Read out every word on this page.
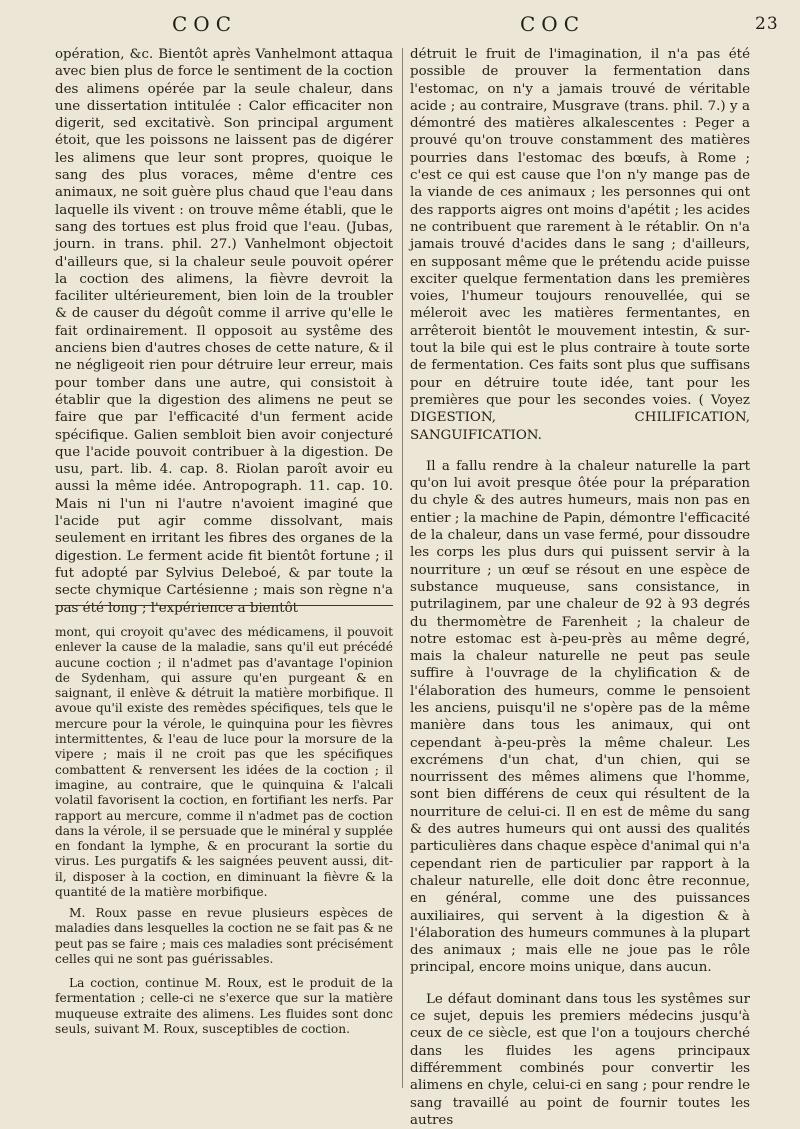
COC	COC	23

opération, &c. Bientôt après Vanhelmont attaqua avec bien plus de force le sentiment de la coction des alimens opérée par la seule chaleur, dans une dissertation intitulée : Calor efficaciter non digerit, sed excitativè. Son principal argument étoit, que les poissons ne laissent pas de digérer les alimens que leur sont propres, quoique le sang des plus voraces, même d'entre ces animaux, ne soit guère plus chaud que l'eau dans laquelle ils vivent : on trouve même établi, que le sang des tortues est plus froid que l'eau. (Jubas, journ. in trans. phil. 27.) Vanhelmont objectoit d'ailleurs que, si la chaleur seule pouvoit opérer la coction des alimens, la fièvre devroit la faciliter ultérieurement, bien loin de la troubler & de causer du dégoût comme il arrive qu'elle le fait ordinairement. Il opposoit au systême des anciens bien d'autres choses de cette nature, & il ne négligeoit rien pour détruire leur erreur, mais pour tomber dans une autre, qui consistoit à établir que la digestion des alimens ne peut se faire que par l'efficacité d'un ferment acide spécifique. Galien sembloit bien avoir conjecturé que l'acide pouvoit contribuer à la digestion. De usu, part. lib. 4. cap. 8. Riolan paroît avoir eu aussi la même idée. Antropograph. 11. cap. 10. Mais ni l'un ni l'autre n'avoient imaginé que l'acide put agir comme dissolvant, mais seulement en irritant les fibres des organes de la digestion. Le ferment acide fit bientôt fortune ; il fut adopté par Sylvius Deleboé, & par toute la secte chymique Cartésienne ; mais son règne n'a pas été long ; l'expérience a bientôt

mont, qui croyoit qu'avec des médicamens, il pouvoit enlever la cause de la maladie, sans qu'il eut précédé aucune coction ; il n'admet pas d'avantage l'opinion de Sydenham, qui assure qu'en purgeant & en saignant, il enlève & détruit la matière morbifique. Il avoue qu'il existe des remèdes spécifiques, tels que le mercure pour la vérole, le quinquina pour les fièvres intermittentes, & l'eau de luce pour la morsure de la vipere ; mais il ne croit pas que les spécifiques combattent & renversent les idées de la coction ; il imagine, au contraire, que le quinquina & l'alcali volatil favorisent la coction, en fortifiant les nerfs. Par rapport au mercure, comme il n'admet pas de coction dans la vérole, il se persuade que le minéral y supplée en fondant la lymphe, & en procurant la sortie du virus. Les purgatifs & les saignées peuvent aussi, dit-il, disposer à la coction, en diminuant la fièvre & la quantité de la matière morbifique.

M. Roux passe en revue plusieurs espèces de maladies dans lesquelles la coction ne se fait pas & ne peut pas se faire ; mais ces maladies sont précisément celles qui ne sont pas guérissables.

La coction, continue M. Roux, est le produit de la fermentation ; celle-ci ne s'exerce que sur la matière muqueuse extraite des alimens. Les fluides sont donc seuls, suivant M. Roux, susceptibles de coction.

détruit le fruit de l'imagination, il n'a pas été possible de prouver la fermentation dans l'estomac, on n'y a jamais trouvé de véritable acide ; au contraire, Musgrave (trans. phil. 7.) y a démontré des matières alkalescentes : Peger a prouvé qu'on trouve constamment des matières pourries dans l'estomac des bœufs, à Rome ; c'est ce qui est cause que l'on n'y mange pas de la viande de ces animaux ; les personnes qui ont des rapports aigres ont moins d'apétit ; les acides ne contribuent que rarement à le rétablir. On n'a jamais trouvé d'acides dans le sang ; d'ailleurs, en supposant même que le prétendu acide puisse exciter quelque fermentation dans les premières voies, l'humeur toujours renouvellée, qui se méleroit avec les matières fermentantes, en arrêteroit bientôt le mouvement intestin, & sur-tout la bile qui est le plus contraire à toute sorte de fermentation. Ces faits sont plus que suffisans pour en détruire toute idée, tant pour les premières que pour les secondes voies. ( Voyez DIGESTION, CHILIFICATION, SANGUIFICATION.

Il a fallu rendre à la chaleur naturelle la part qu'on lui avoit presque ôtée pour la préparation du chyle & des autres humeurs, mais non pas en entier ; la machine de Papin, démontre l'efficacité de la chaleur, dans un vase fermé, pour dissoudre les corps les plus durs qui puissent servir à la nourriture ; un œuf se résout en une espèce de substance muqueuse, sans consistance, in putrilaginem, par une chaleur de 92 à 93 degrés du thermomètre de Farenheit ; la chaleur de notre estomac est à-peu-près au même degré, mais la chaleur naturelle ne peut pas seule suffire à l'ouvrage de la chylification & de l'élaboration des humeurs, comme le pensoient les anciens, puisqu'il ne s'opère pas de la même manière dans tous les animaux, qui ont cependant à-peu-près la même chaleur. Les excrémens d'un chat, d'un chien, qui se nourrissent des mêmes alimens que l'homme, sont bien différens de ceux qui résultent de la nourriture de celui-ci. Il en est de même du sang & des autres humeurs qui ont aussi des qualités particulières dans chaque espèce d'animal qui n'a cependant rien de particulier par rapport à la chaleur naturelle, elle doit donc être reconnue, en général, comme une des puissances auxiliaires, qui servent à la digestion & à l'élaboration des humeurs communes à la plupart des animaux ; mais elle ne joue pas le rôle principal, encore moins unique, dans aucun.

Le défaut dominant dans tous les systêmes sur ce sujet, depuis les premiers médecins jusqu'à ceux de ce siècle, est que l'on a toujours cherché dans les fluides les agens principaux différemment combinés pour convertir les alimens en chyle, celui-ci en sang ; pour rendre le sang travaillé au point de fournir toutes les autres
